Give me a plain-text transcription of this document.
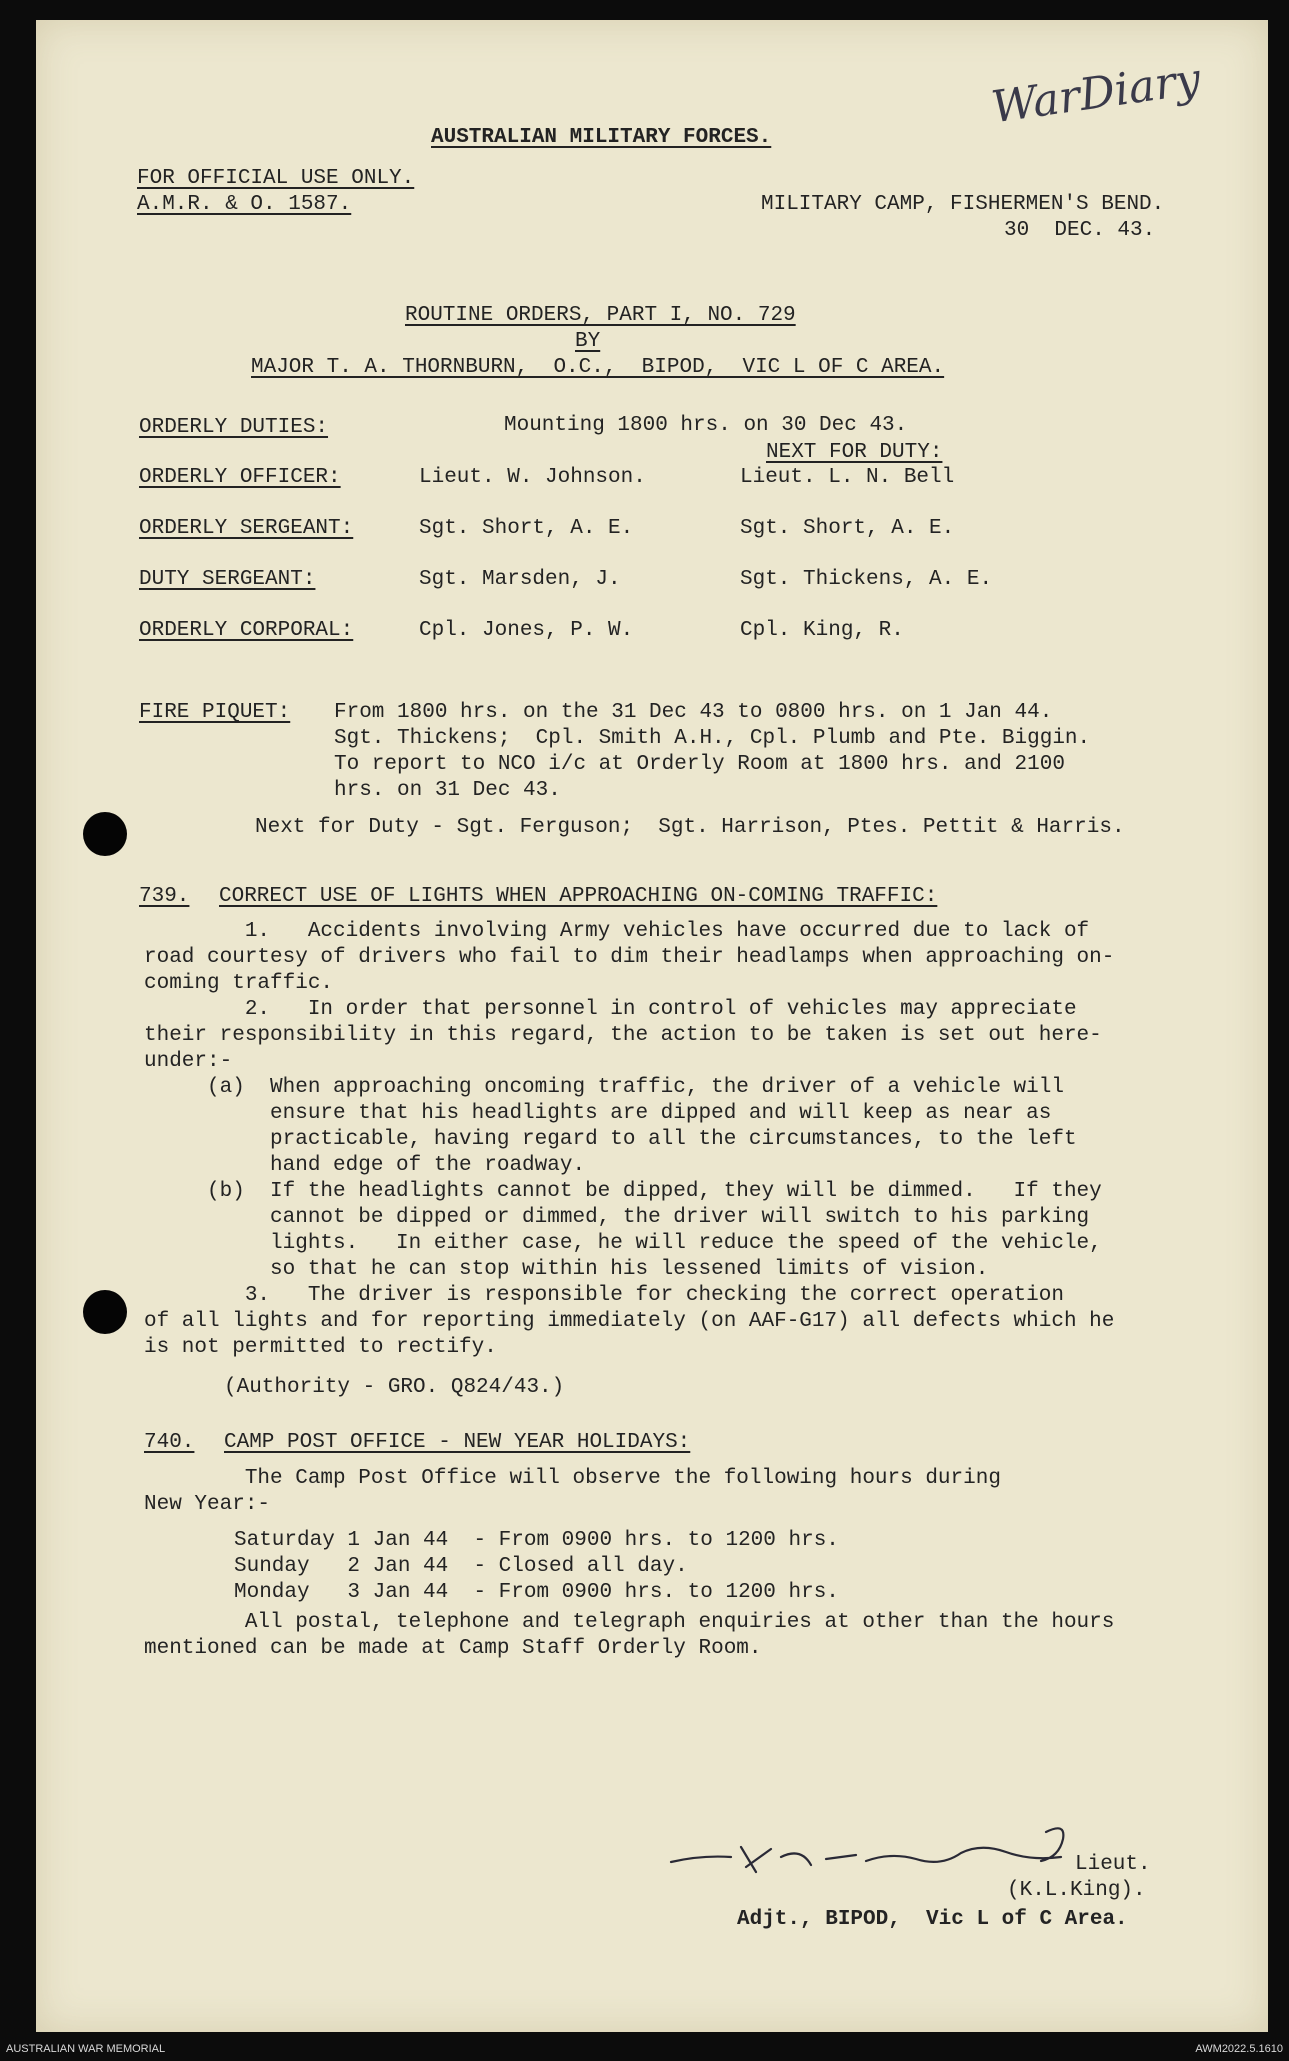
WarDiary
AUSTRALIAN MILITARY FORCES.
FOR OFFICIAL USE ONLY.
A.M.R. & O. 1587.	MILITARY CAMP, FISHERMEN'S BEND.
30  DEC. 43.
ROUTINE ORDERS, PART I, NO. 729
BY
MAJOR T. A. THORNBURN,  O.C.,  BIPOD,  VIC L OF C AREA.
ORDERLY DUTIES:	Mounting 1800 hrs. on 30 Dec 43.
NEXT FOR DUTY:
ORDERLY OFFICER:	Lieut. W. Johnson.	Lieut. L. N. Bell
ORDERLY SERGEANT:	Sgt. Short, A. E.	Sgt. Short, A. E.
DUTY SERGEANT:	Sgt. Marsden, J.	Sgt. Thickens, A. E.
ORDERLY CORPORAL:	Cpl. Jones, P. W.	Cpl. King, R.
FIRE PIQUET: From 1800 hrs. on the 31 Dec 43 to 0800 hrs. on 1 Jan 44.
Sgt. Thickens;  Cpl. Smith A.H., Cpl. Plumb and Pte. Biggin.
To report to NCO i/c at Orderly Room at 1800 hrs. and 2100
hrs. on 31 Dec 43.
Next for Duty - Sgt. Ferguson;  Sgt. Harrison, Ptes. Pettit & Harris.
739. CORRECT USE OF LIGHTS WHEN APPROACHING ON-COMING TRAFFIC:
1.   Accidents involving Army vehicles have occurred due to lack of
road courtesy of drivers who fail to dim their headlamps when approaching on-
coming traffic.
2.   In order that personnel in control of vehicles may appreciate
their responsibility in this regard, the action to be taken is set out here-
under:-
(a)  When approaching oncoming traffic, the driver of a vehicle will
ensure that his headlights are dipped and will keep as near as
practicable, having regard to all the circumstances, to the left
hand edge of the roadway.
(b)  If the headlights cannot be dipped, they will be dimmed.   If they
cannot be dipped or dimmed, the driver will switch to his parking
lights.   In either case, he will reduce the speed of the vehicle,
so that he can stop within his lessened limits of vision.
3.   The driver is responsible for checking the correct operation
of all lights and for reporting immediately (on AAF-G17) all defects which he
is not permitted to rectify.
(Authority - GRO. Q824/43.)
740. CAMP POST OFFICE - NEW YEAR HOLIDAYS:
The Camp Post Office will observe the following hours during
New Year:-
Saturday 1 Jan 44  - From 0900 hrs. to 1200 hrs.
Sunday   2 Jan 44  - Closed all day.
Monday   3 Jan 44  - From 0900 hrs. to 1200 hrs.
All postal, telephone and telegraph enquiries at other than the hours
mentioned can be made at Camp Staff Orderly Room.
Lieut.
(K.L.King).
Adjt., BIPOD,  Vic L of C Area.
AUSTRALIAN WAR MEMORIAL	AWM2022.5.1610
